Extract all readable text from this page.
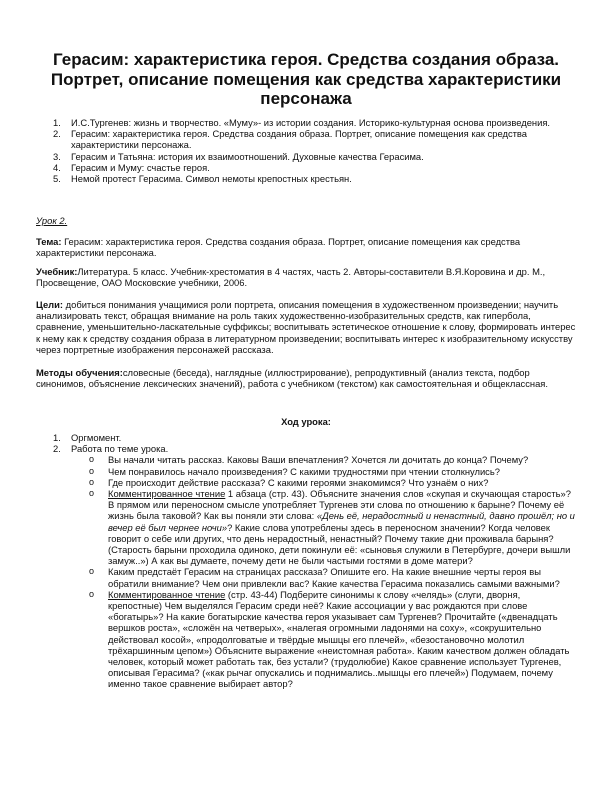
Герасим: характеристика героя. Средства создания образа. Портрет, описание помещения как средства характеристики персонажа

1. И.С.Тургенев: жизнь и творчество. «Муму»- из истории создания. Историко-культурная основа произведения.

2. Герасим: характеристика героя. Средства создания образа. Портрет, описание помещения как средства характеристики персонажа.

3. Герасим и Татьяна: история их взаимоотношений. Духовные качества Герасима.

4. Герасим и Муму: счастье героя.

5. Немой протест Герасима. Символ немоты крепостных крестьян.

Урок 2.
Тема: Герасим: характеристика героя. Средства создания образа. Портрет, описание помещения как средства характеристики персонажа.
Учебник:Литература. 5 класс. Учебник-хрестоматия в 4 частях, часть 2. Авторы-составители В.Я.Коровина и др. М., Просвещение, ОАО Московские учебники, 2006.
Цели: добиться понимания учащимися роли портрета, описания помещения в художественном произведении; научить анализировать текст, обращая внимание на роль таких художественно-изобразительных средств, как гипербола, сравнение, уменьшительно-ласкательные суффиксы; воспитывать эстетическое отношение к слову, формировать интерес к нему как к средству создания образа в литературном произведении; воспитывать интерес к изобразительному искусству через портретные изображения персонажей рассказа.
Методы обучения:словесные (беседа), наглядные (иллюстрирование), репродуктивный (анализ текста, подбор синонимов, объяснение лексических значений), работа с учебником (текстом) как самостоятельная и общеклассная.
Ход урока:

1. Оргмомент.

2. Работа по теме урока.

o Вы начали читать рассказ. Каковы Ваши впечатления? Хочется ли дочитать до конца? Почему?

o Чем понравилось начало произведения? С какими трудностями при чтении столкнулись?

o Где происходит действие рассказа? С какими героями знакомимся? Что узнаём о них?

o Комментированное чтение 1 абзаца (стр. 43). Объясните значения слов «скупая и скучающая старость»? В прямом или переносном смысле употребляет Тургенев эти слова по отношению к барыне? Почему её жизнь была таковой? Как вы поняли эти слова: «День её, нерадостный и ненастный, давно прошёл; но и вечер её был чернее ночи»? Какие слова употреблены здесь в переносном значении? Когда человек говорит о себе или других, что день нерадостный, ненастный? Почему такие дни проживала барыня? (Старость барыни проходила одиноко, дети покинули её: «сыновья служили в Петербурге, дочери вышли замуж..») А как вы думаете, почему дети не были частыми гостями в доме матери?

o Каким предстаёт Герасим на страницах рассказа? Опишите его. На какие внешние черты героя вы обратили внимание? Чем они привлекли вас? Какие качества Герасима показались самыми важными?

o Комментированное чтение (стр. 43-44) Подберите синонимы к слову «челядь» (слуги, дворня, крепостные) Чем выделялся Герасим среди неё? Какие ассоциации у вас рождаются при слове «богатырь»? На какие богатырские качества героя указывает сам Тургенев? Прочитайте («двенадцать вершков роста», «сложён на четверых», «налегая огромными ладонями на соху», «сокрушительно действовал косой», «продолговатые и твёрдые мышцы его плечей», «безостановочно молотил трёхаршинным цепом») Объясните выражение «неистомная работа». Каким качеством должен обладать человек, который может работать так, без устали? (трудолюбие) Какое сравнение использует Тургенев, описывая Герасима? («как рычаг опускались и поднимались..мышцы его плечей») Подумаем, почему именно такое сравнение выбирает автор?
